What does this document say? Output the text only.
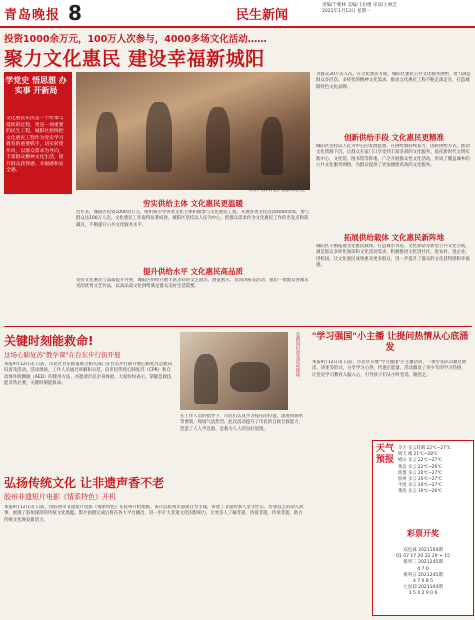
青岛晚报 8	民生新闻
责编/于朝林 美编/王衍楼 审读/王林芝
2021年1月13日 星期一
投资1000余万元，100万人次参与，4000多场文化活动……
聚力文化惠民 建设幸福新城阳
学党史 悟思想 办实事 开新局
文化惠民乐民是一个传承与延续的过程，更是一项重要的民生工程，城阳区始终把文化惠民工程作为党史学习教育的重要抓手，切实转变作风，以群众需求为导向，丰富群众精神文化生活，提升群众获得感、幸福感和安全感。
欢乐大舞台慰问演出现场。
为群众30万去人次。在文化惠民方面，城阳区强化公共文化服务供给，着力满足群众多层次、多样化的精神文化需求，推动文化惠民工程不断走深走实，打造城阳特色文化品牌。
创新供给手段 文化惠民更精准
城阳区坚持以人民为中心的发展思想，在供给端持续发力，创新供给方式，推动文化资源下沉，让群众在家门口享受到丰富多彩的文化服务。依托新时代文明实践中心、文化馆、图书馆等阵地，广泛开展群众性文化活动，形成了覆盖城乡的公共文化服务网络，为群众提供了更加便捷高效的文化服务。
拓展供给载体 文化惠民新阵地
城阳区不断拓展文化惠民载体，打造城市书房、文化驿站等新型公共文化空间，满足群众多样化阅读和文化活动需求。积极推进文化进社区、进农村、进企业、进校园，让文化惠民成果惠及更多群众，进一步提升了群众的文化获得感和幸福感。
穷实供给主体 文化惠民更温暖
近年来，城阳区投资1000余万元，组织和引导各类文化主体积极参与文化惠民工程，开展各类文化活动4000余场，参与群众达100万人次，文化惠民工作取得显著成效。城阳区坚持以人民为中心，把群众需求作为文化惠民工作的出发点和落脚点，不断提升公共文化服务水平。
提升供给水平 文化惠民高品质
坚持文化惠民与品质提升并重，城阳区组织开展丰富多彩的文艺演出、展览展示、培训讲座等活动，推出一批群众喜闻乐见的优秀文艺作品，以高品质文化供给满足群众美好生活需要。
关键时刻能救命!
这场心肺复苏"教学课"在台东步行街开展
本报9月12日讯 日前，市北区台东街道联合相关部门在台东步行街开展心肺复苏急救知识普及活动。活动现场，工作人员通过讲解和示范，向市民传授心肺复苏（CPR）和自动体外除颤器（AED）的使用方法，并邀请市民亲身体验。大家纷纷表示，掌握急救技能非常必要，关键时刻能救命。
急救知识普及活动现场
在工作人员的指导下，市民们认真学习按压的位置、深度和频率等要领，现场气氛热烈。此次活动提升了市民的自救互救能力，营造了人人学急救、急救为人人的良好氛围。
弘扬传统文化 让非遗声香不老
胶州非遗短片电影《情系特色》开机
本报9月12日讯 日前，由胶州市非遗短片电影《情系特色》在胶州开机拍摄。该片以胶州非遗项目为主线，讲述了非遗传承人坚守匠心、传承技艺的动人故事，展现了胶州深厚的传统文化底蕴。影片拍摄完成后将在各大平台播出，进一步扩大非遗文化的影响力，让更多人了解非遗、热爱非遗、传承非遗，助力传统文化焕发新活力。
"学习强国"小主播 让提问热情从心底涌发
本报9月12日讯 日前，市北区开展"学习强国"小主播活动，一批少先队员通过朗读、讲述等形式，分享学习心得，传递正能量。活动激发了青少年的学习热情，让党史学习教育入脑入心，引导孩子们从小听党话、跟党走。
天气预报
今天 多云转晴 22℃~27℃
明天 晴 21℃~28℃
崂山 多云 22℃~27℃
黄岛 多云 22℃~26℃
即墨 多云 20℃~27℃
胶州 多云 20℃~27℃
平度 多云 20℃~27℃
莱西 多云 19℃~26℃
彩票开奖
双色球 2021104期
01 07 17 20 22 29 + 15
排列三 2021245期
4 7 0
排列五 2021245期
4 7 0 8 5
七星彩 2021104期
1 5 4 2 9 0 6
